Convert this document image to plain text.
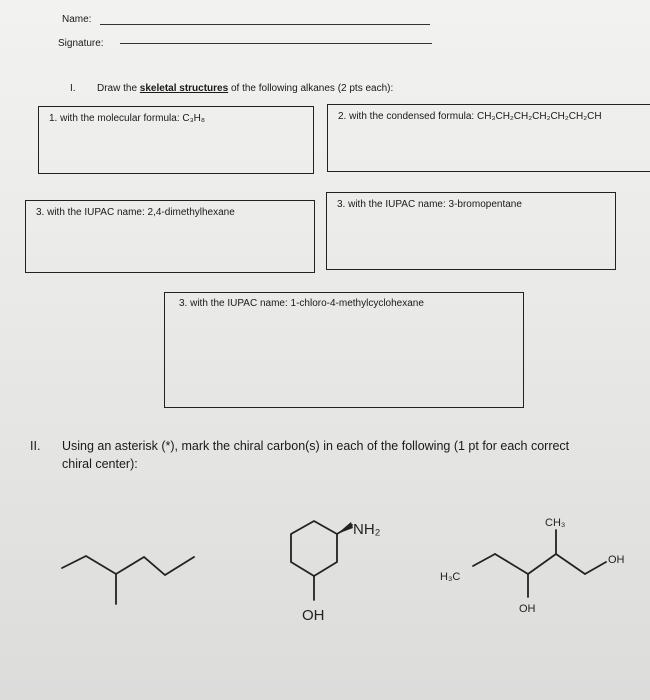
Name:
Signature:
I. Draw the skeletal structures of the following alkanes (2 pts each):
1. with the molecular formula: C₃H₈	2. with the condensed formula: CH₃CH₂CH₂CH₂CH₂CH₂CH
3. with the IUPAC name: 2,4-dimethylhexane
3. with the IUPAC name: 3-bromopentane
3. with the IUPAC name: 1-chloro-4-methylcyclohexane
II. Using an asterisk (*), mark the chiral carbon(s) in each of the following (1 pt for each correct
chiral center):
NH₂
OH
CH₃
H₃C
OH
OH
